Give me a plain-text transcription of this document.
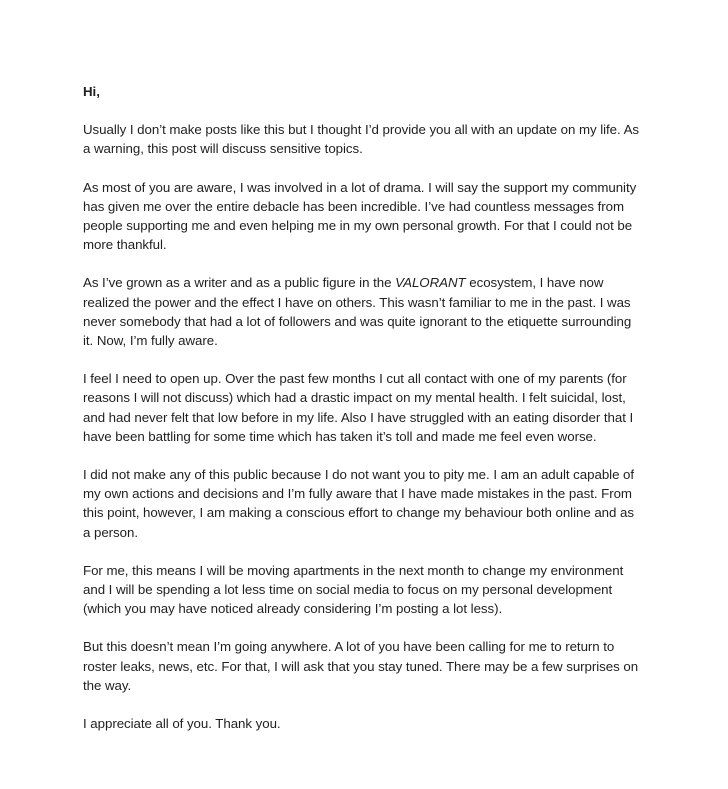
Hi,

Usually I don’t make posts like this but I thought I’d provide you all with an update on my life. As a warning, this post will discuss sensitive topics.

As most of you are aware, I was involved in a lot of drama. I will say the support my community has given me over the entire debacle has been incredible. I’ve had countless messages from people supporting me and even helping me in my own personal growth. For that I could not be more thankful.

As I’ve grown as a writer and as a public figure in the VALORANT ecosystem, I have now realized the power and the effect I have on others. This wasn’t familiar to me in the past. I was never somebody that had a lot of followers and was quite ignorant to the etiquette surrounding it. Now, I’m fully aware.

I feel I need to open up. Over the past few months I cut all contact with one of my parents (for reasons I will not discuss) which had a drastic impact on my mental health. I felt suicidal, lost, and had never felt that low before in my life. Also I have struggled with an eating disorder that I have been battling for some time which has taken it’s toll and made me feel even worse.

I did not make any of this public because I do not want you to pity me. I am an adult capable of my own actions and decisions and I’m fully aware that I have made mistakes in the past. From this point, however, I am making a conscious effort to change my behaviour both online and as a person.

For me, this means I will be moving apartments in the next month to change my environment and I will be spending a lot less time on social media to focus on my personal development (which you may have noticed already considering I’m posting a lot less).

But this doesn’t mean I’m going anywhere. A lot of you have been calling for me to return to roster leaks, news, etc. For that, I will ask that you stay tuned. There may be a few surprises on the way.

I appreciate all of you. Thank you.
